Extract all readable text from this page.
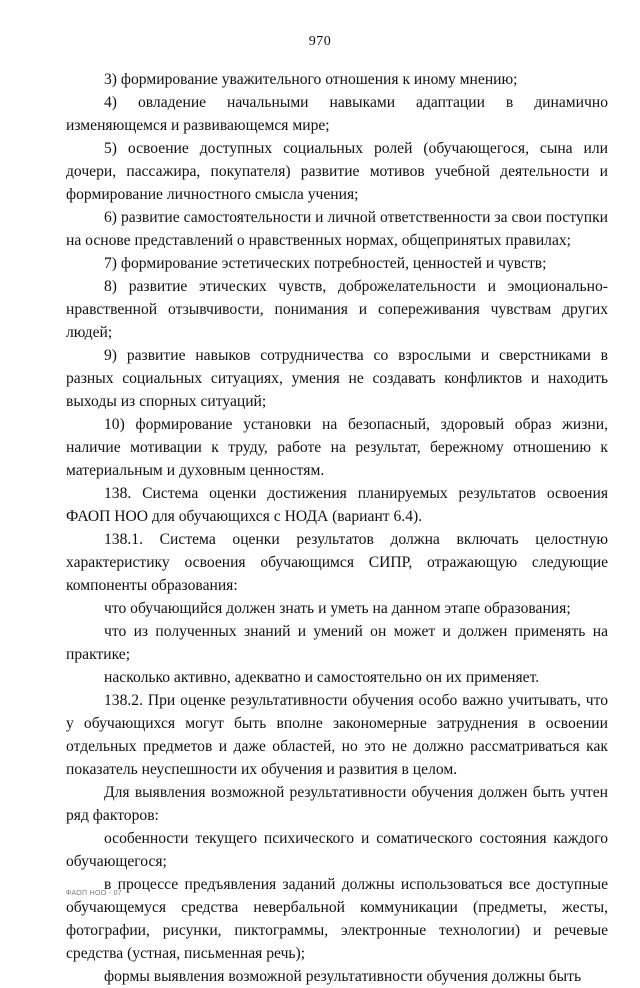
970

3) формирование уважительного отношения к иному мнению;

4) овладение начальными навыками адаптации в динамично изменяющемся и развивающемся мире;

5) освоение доступных социальных ролей (обучающегося, сына или дочери, пассажира, покупателя) развитие мотивов учебной деятельности и формирование личностного смысла учения;

6) развитие самостоятельности и личной ответственности за свои поступки на основе представлений о нравственных нормах, общепринятых правилах;

7) формирование эстетических потребностей, ценностей и чувств;

8) развитие этических чувств, доброжелательности и эмоционально-нравственной отзывчивости, понимания и сопереживания чувствам других людей;

9) развитие навыков сотрудничества со взрослыми и сверстниками в разных социальных ситуациях, умения не создавать конфликтов и находить выходы из спорных ситуаций;

10) формирование установки на безопасный, здоровый образ жизни, наличие мотивации к труду, работе на результат, бережному отношению к материальным и духовным ценностям.

138. Система оценки достижения планируемых результатов освоения ФАОП НОО для обучающихся с НОДА (вариант 6.4).

138.1. Система оценки результатов должна включать целостную характеристику освоения обучающимся СИПР, отражающую следующие компоненты образования:

что обучающийся должен знать и уметь на данном этапе образования;

что из полученных знаний и умений он может и должен применять на практике;

насколько активно, адекватно и самостоятельно он их применяет.

138.2. При оценке результативности обучения особо важно учитывать, что у обучающихся могут быть вполне закономерные затруднения в освоении отдельных предметов и даже областей, но это не должно рассматриваться как показатель неуспешности их обучения и развития в целом.

Для выявления возможной результативности обучения должен быть учтен ряд факторов:

особенности текущего психического и соматического состояния каждого обучающегося;

в процессе предъявления заданий должны использоваться все доступные обучающемуся средства невербальной коммуникации (предметы, жесты, фотографии, рисунки, пиктограммы, электронные технологии) и речевые средства (устная, письменная речь);

формы выявления возможной результативности обучения должны быть

ФАОП НОО - 07
